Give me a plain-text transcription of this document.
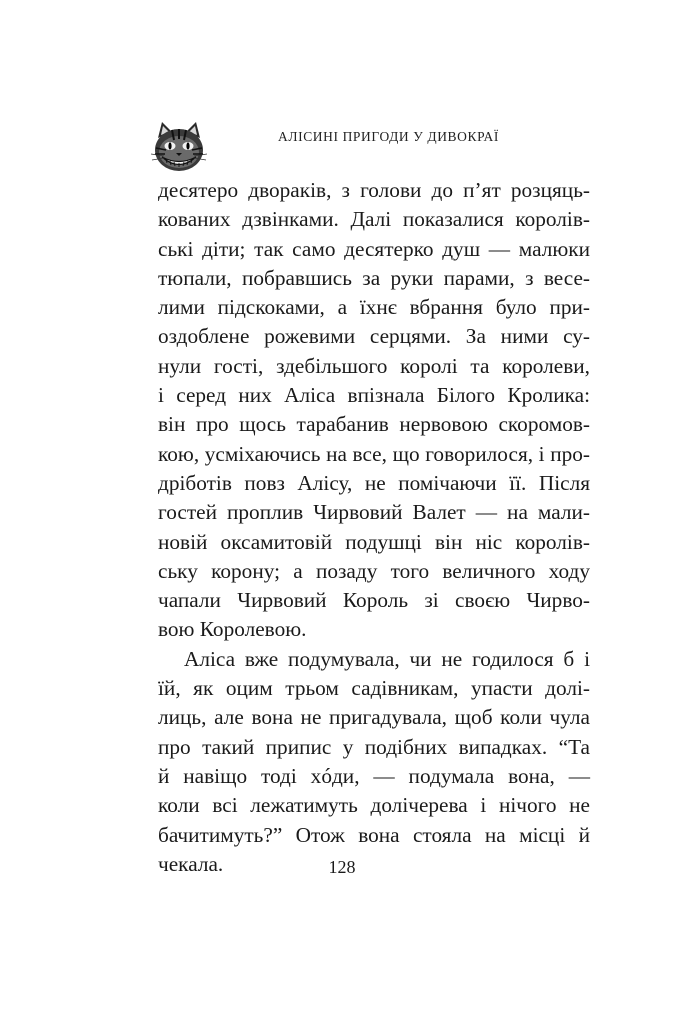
АЛІСИНІ ПРИГОДИ У ДИВОКРАЇ
десятеро дворакiв, з голови до п’ят розцяць-
кованих дзвінками. Далі показалися королів-
ські діти; так само десятерко душ — малюки
тюпали, побравшись за руки парами, з весе-
лими підскоками, а їхнє вбрання було при-
оздоблене рожевими серцями. За ними су-
нули гості, здебільшого королі та королеви,
і серед них Аліса впізнала Білого Кролика:
він про щось тарабанив нервовою скоромов-
кою, усміхаючись на все, що говорилося, і про-
дріботів повз Алісу, не помічаючи її. Після
гостей проплив Чирвовий Валет — на мали-
новій оксамитовій подушці він ніс королів-
ську корону; а позаду того величного ходу
чапали Чирвовий Король зі своєю Чирво-
вою Королевою.
Аліса вже подумувала, чи не годилося б і
їй, як оцим трьом садівникам, упасти долі-
лиць, але вона не пригадувала, щоб коли чула
про такий припис у подібних випадках. “Та
й навіщо тоді хóди, — подумала вона, —
коли всі лежатимуть долічерева і нічого не
бачитимуть?” Отож вона стояла на місці й
чекала.	128
